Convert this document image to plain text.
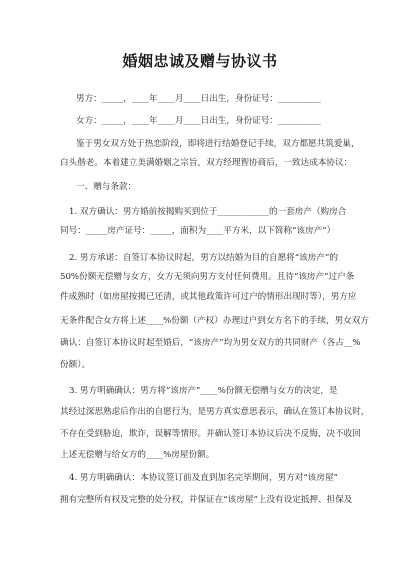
婚姻忠诚及赠与协议书
男方：_____，____年____月____日出生，身份证号：__________
女方：_____，____年____月____日出生，身份证号：__________
鉴于男女双方处于热恋阶段，即将进行结婚登记手续，双方都愿共筑爱巢，
白头偕老。本着建立美满婚姻之宗旨，双方经理智协商后，一致达成本协议：
一、赠与条款：
1. 双方确认：男方婚前按揭购买到位于____________的一套房产（购房合
同号：_____房产证号：_____，面积为____平方米，以下简称“该房产”）
2. 男方承诺：自签订本协议时起，男方以结婚为目的自愿将“该房产”的
50%份额无偿赠与女方，女方无须向男方支付任何费用。且待“该房产”过户条
件成熟时（如房屋按揭已还清，或其他政策许可过户的情形出现时等），男方应
无条件配合女方将上述____%份额（产权）办理过户到女方名下的手续，男女双方
确认：自签订本协议时起至婚后，“该房产”均为男女双方的共同财产（各占__%
份额）。
3. 男方明确确认：男方将“该房产”____%份额无偿赠与女方的决定，是
其经过深思熟虑后作出的自愿行为，是男方真实意思表示，确认在签订本协议时，
不存在受到胁迫，欺诈，误解等情形。并确认签订本协议后决不反悔，决不收回
上述无偿赠与给女方的____%房屋份额。
4. 男方明确确认：本协议签订前及直到加名完毕期间，男方对“该房屋”
拥有完整所有权及完整的处分权，并保证在“该房屋”上没有设定抵押、担保及
